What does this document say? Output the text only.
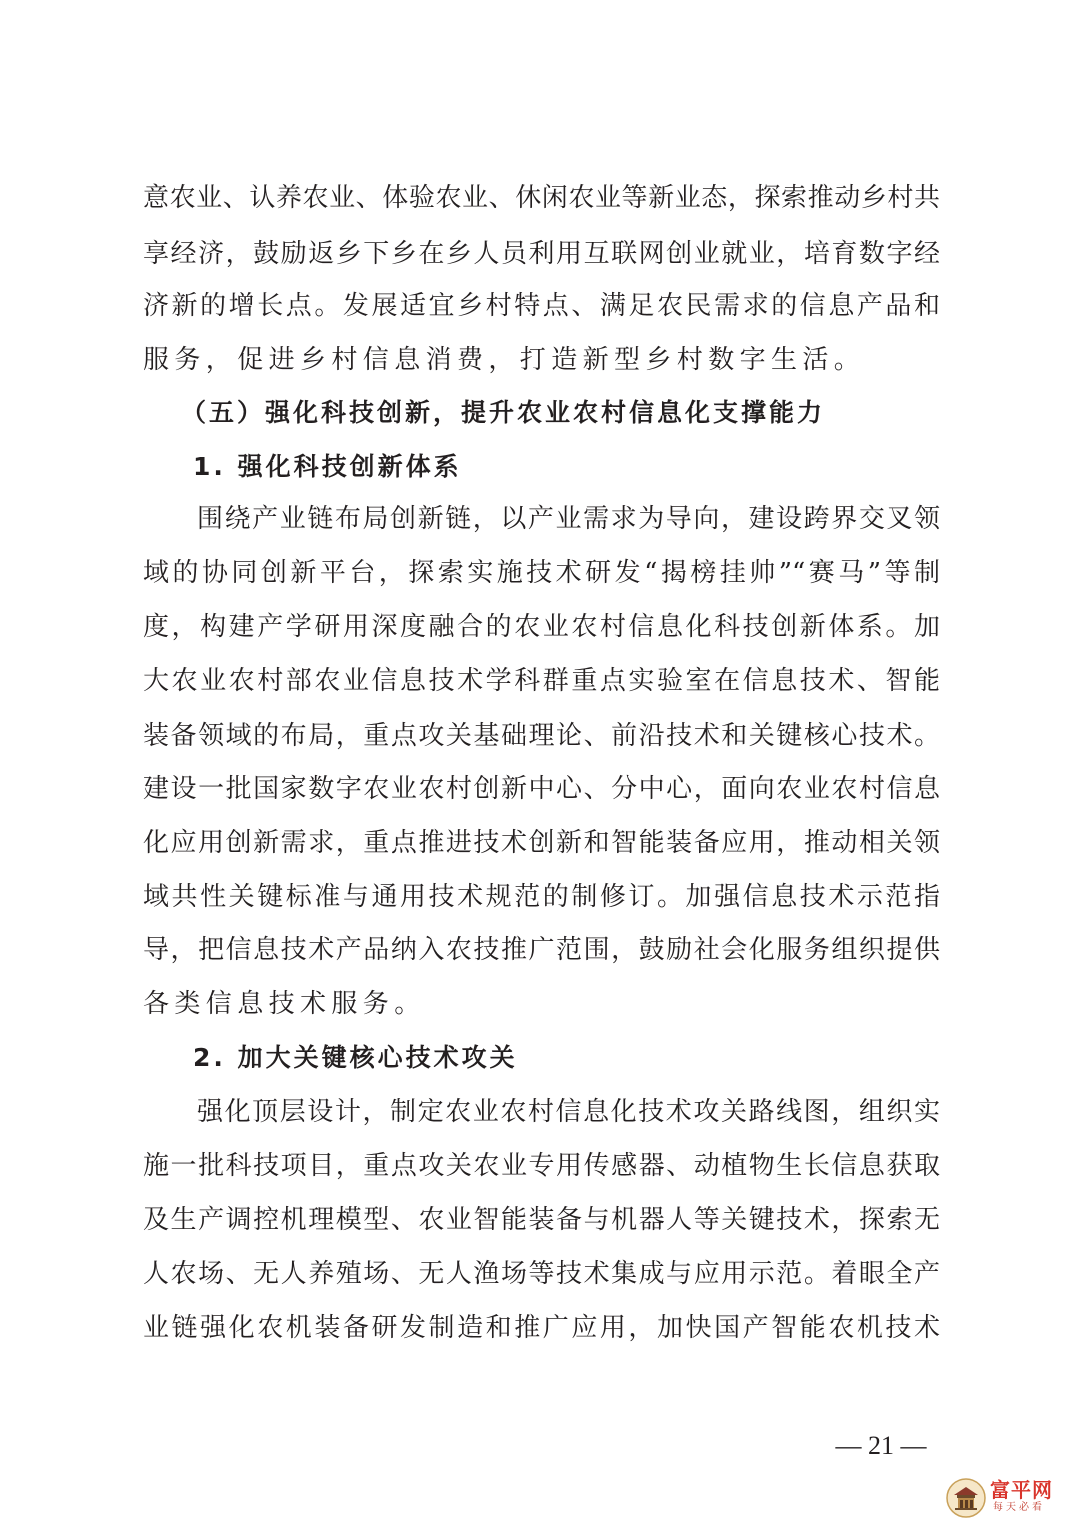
意农业、认养农业、体验农业、休闲农业等新业态，探索推动乡村共
享经济，鼓励返乡下乡在乡人员利用互联网创业就业，培育数字经
济新的增长点。发展适宜乡村特点、满足农民需求的信息产品和
服务，促进乡村信息消费，打造新型乡村数字生活。
（五）强化科技创新，提升农业农村信息化支撑能力
1. 强化科技创新体系
围绕产业链布局创新链，以产业需求为导向，建设跨界交叉领
域的协同创新平台，探索实施技术研发“揭榜挂帅”“赛马”等制
度，构建产学研用深度融合的农业农村信息化科技创新体系。加
大农业农村部农业信息技术学科群重点实验室在信息技术、智能
装备领域的布局，重点攻关基础理论、前沿技术和关键核心技术。
建设一批国家数字农业农村创新中心、分中心，面向农业农村信息
化应用创新需求，重点推进技术创新和智能装备应用，推动相关领
域共性关键标准与通用技术规范的制修订。加强信息技术示范指
导，把信息技术产品纳入农技推广范围，鼓励社会化服务组织提供
各类信息技术服务。
2. 加大关键核心技术攻关
强化顶层设计，制定农业农村信息化技术攻关路线图，组织实
施一批科技项目，重点攻关农业专用传感器、动植物生长信息获取
及生产调控机理模型、农业智能装备与机器人等关键技术，探索无
人农场、无人养殖场、无人渔场等技术集成与应用示范。着眼全产
业链强化农机装备研发制造和推广应用，加快国产智能农机技术
— 21 —
富平网
每天必看
